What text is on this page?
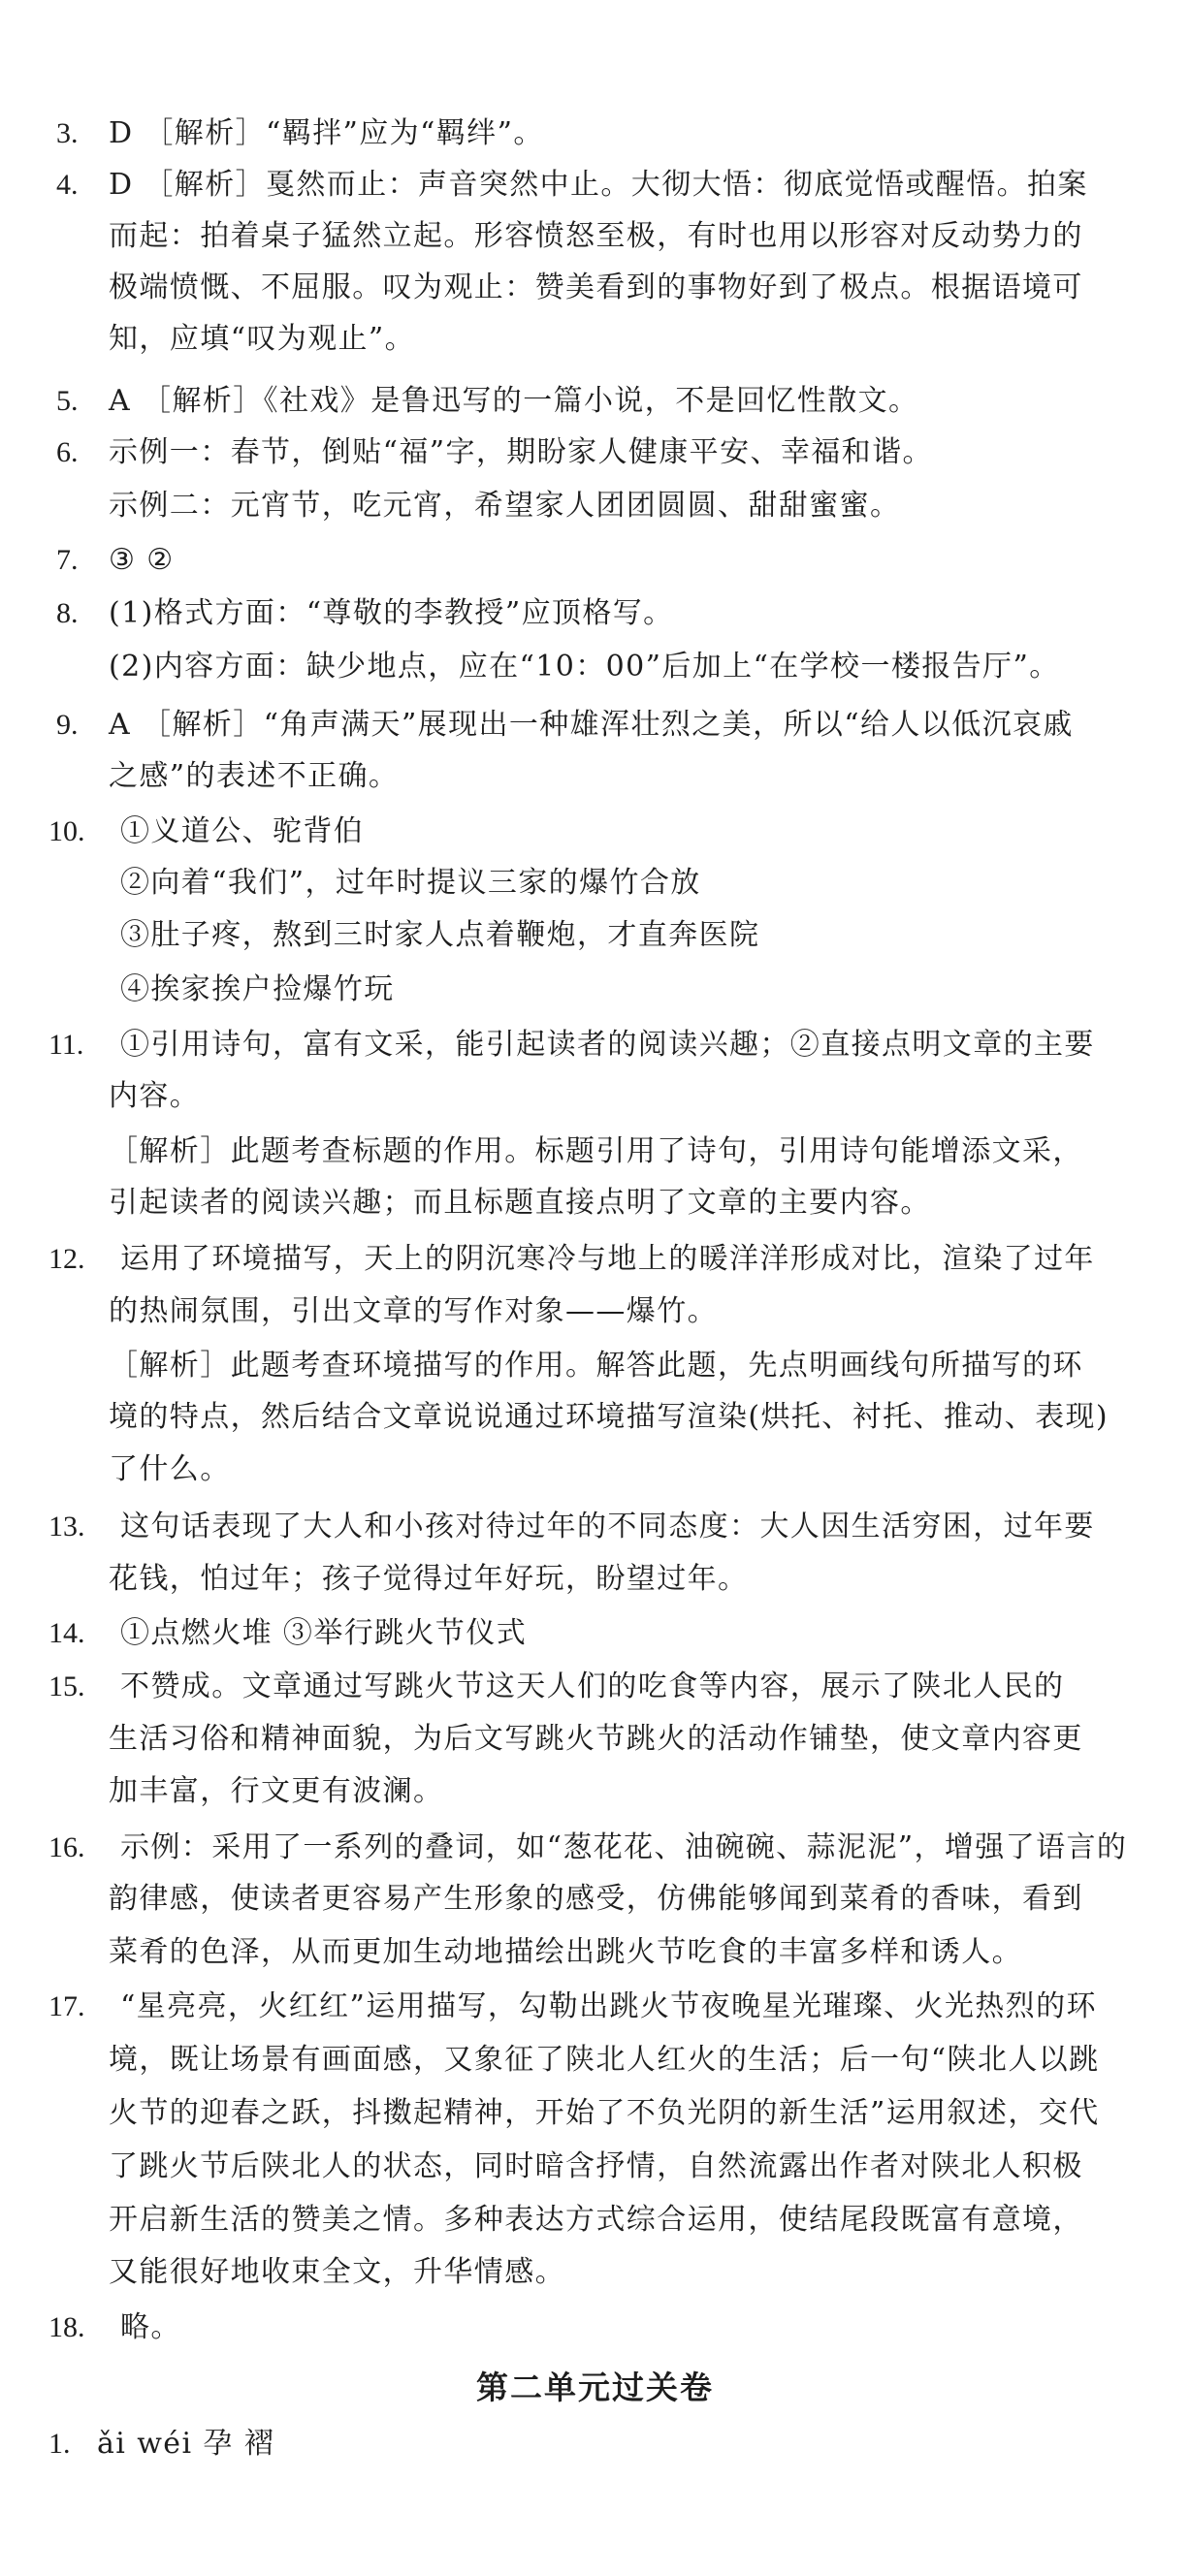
3. D ［解析］“羁拌”应为“羁绊”。
4. D ［解析］戛然而止：声音突然中止。大彻大悟：彻底觉悟或醒悟。拍案
而起：拍着桌子猛然立起。形容愤怒至极，有时也用以形容对反动势力的
极端愤慨、不屈服。叹为观止：赞美看到的事物好到了极点。根据语境可
知，应填“叹为观止”。
5. A ［解析］《社戏》是鲁迅写的一篇小说，不是回忆性散文。
6. 示例一：春节，倒贴“福”字，期盼家人健康平安、幸福和谐。
示例二：元宵节，吃元宵，希望家人团团圆圆、甜甜蜜蜜。
7. ③ ②
8. (1)格式方面：“尊敬的李教授”应顶格写。
(2)内容方面：缺少地点，应在“10：00”后加上“在学校一楼报告厅”。
9. A ［解析］“角声满天”展现出一种雄浑壮烈之美，所以“给人以低沉哀戚
之感”的表述不正确。
10. ①义道公、驼背伯
②向着“我们”，过年时提议三家的爆竹合放
③肚子疼，熬到三时家人点着鞭炮，才直奔医院
④挨家挨户捡爆竹玩
11. ①引用诗句，富有文采，能引起读者的阅读兴趣；②直接点明文章的主要
内容。
［解析］此题考查标题的作用。标题引用了诗句，引用诗句能增添文采，
引起读者的阅读兴趣；而且标题直接点明了文章的主要内容。
12. 运用了环境描写，天上的阴沉寒冷与地上的暖洋洋形成对比，渲染了过年
的热闹氛围，引出文章的写作对象——爆竹。
［解析］此题考查环境描写的作用。解答此题，先点明画线句所描写的环
境的特点，然后结合文章说说通过环境描写渲染(烘托、衬托、推动、表现)
了什么。
13. 这句话表现了大人和小孩对待过年的不同态度：大人因生活穷困，过年要
花钱，怕过年；孩子觉得过年好玩，盼望过年。
14. ①点燃火堆 ③举行跳火节仪式
15. 不赞成。文章通过写跳火节这天人们的吃食等内容，展示了陕北人民的
生活习俗和精神面貌，为后文写跳火节跳火的活动作铺垫，使文章内容更
加丰富，行文更有波澜。
16. 示例：采用了一系列的叠词，如“葱花花、油碗碗、蒜泥泥”，增强了语言的
韵律感，使读者更容易产生形象的感受，仿佛能够闻到菜肴的香味，看到
菜肴的色泽，从而更加生动地描绘出跳火节吃食的丰富多样和诱人。
17. “星亮亮，火红红”运用描写，勾勒出跳火节夜晚星光璀璨、火光热烈的环
境，既让场景有画面感，又象征了陕北人红火的生活；后一句“陕北人以跳
火节的迎春之跃，抖擞起精神，开始了不负光阴的新生活”运用叙述，交代
了跳火节后陕北人的状态，同时暗含抒情，自然流露出作者对陕北人积极
开启新生活的赞美之情。多种表达方式综合运用，使结尾段既富有意境，
又能很好地收束全文，升华情感。
18. 略。
第二单元过关卷
1. ǎi wéi 孕 褶
